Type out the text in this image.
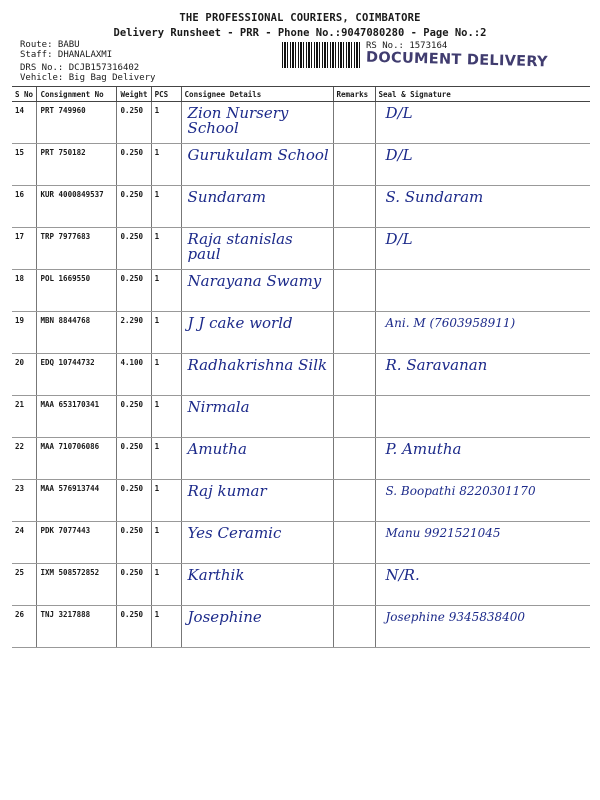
THE PROFESSIONAL COURIERS, COIMBATORE
Delivery Runsheet - PRR - Phone No.:9047080280 - Page No.:2
Route: BABU
Staff: DHANALAXMI
DRS No.: DCJB157316402
Vehicle: Big Bag Delivery
RS No.: 1573164
DOCUMENT DELIVERY
S No	Consignment No	Weight	PCS	Consignee Details	Remarks	Seal & Signature
14	PRT 749960	0.250	1	Zion Nursery School		D/L
15	PRT 750182	0.250	1	Gurukulam School		D/L
16	KUR 4000849537	0.250	1	Sundaram		S. Sundaram
17	TRP 7977683	0.250	1	Raja stanislas paul		D/L
18	POL 1669550	0.250	1	Narayana Swamy		
19	MBN 8844768	2.290	1	J J cake world		Ani. M (7603958911)
20	EDQ 10744732	4.100	1	Radhakrishna Silk		R. Saravanan
21	MAA 653170341	0.250	1	Nirmala		
22	MAA 710706086	0.250	1	Amutha		P. Amutha
23	MAA 576913744	0.250	1	Raj kumar		S. Boopathi 8220301170
24	PDK 7077443	0.250	1	Yes Ceramic		Manu 9921521045
25	IXM 508572852	0.250	1	Karthik		N/R.
26	TNJ 3217888	0.250	1	Josephine		Josephine 9345838400
